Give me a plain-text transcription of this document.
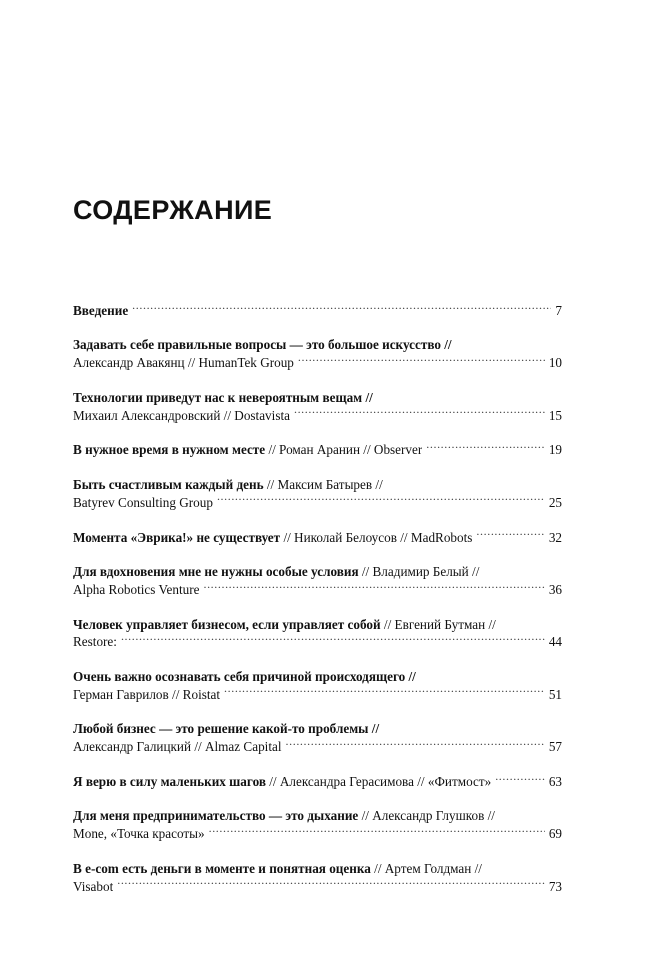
СОДЕРЖАНИЕ
Введение .....	7
Задавать себе правильные вопросы — это большое искусство //
Александр Авакянц // HumanTek Group .....	10
Технологии приведут нас к невероятным вещам //
Михаил Александровский // Dostavista .....	15
В нужное время в нужном месте // Роман Аранин // Observer .....	19
Быть счастливым каждый день // Максим Батырев //
Batyrev Consulting Group .....	25
Момента «Эврика!» не существует // Николай Белоусов // MadRobots .....	32
Для вдохновения мне не нужны особые условия // Владимир Белый //
Alpha Robotics Venture .....	36
Человек управляет бизнесом, если управляет собой // Евгений Бутман //
Restore: .....	44
Очень важно осознавать себя причиной происходящего //
Герман Гаврилов // Roistat .....	51
Любой бизнес — это решение какой-то проблемы //
Александр Галицкий // Almaz Capital .....	57
Я верю в силу маленьких шагов // Александра Герасимова // «Фитмост» .....	63
Для меня предпринимательство — это дыхание // Александр Глушков //
Mone, «Точка красоты» .....	69
В e-com есть деньги в моменте и понятная оценка // Артем Голдман //
Visabot .....	73
